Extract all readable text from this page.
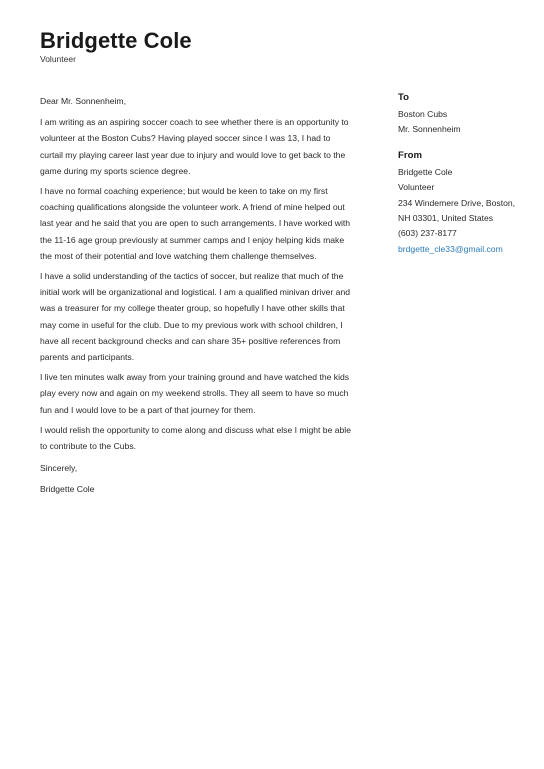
Bridgette Cole
Volunteer

Dear Mr. Sonnenheim,

I am writing as an aspiring soccer coach to see whether there is an opportunity to volunteer at the Boston Cubs? Having played soccer since I was 13, I had to curtail my playing career last year due to injury and would love to get back to the game during my sports science degree.

I have no formal coaching experience; but would be keen to take on my first coaching qualifications alongside the volunteer work. A friend of mine helped out last year and he said that you are open to such arrangements. I have worked with the 11-16 age group previously at summer camps and I enjoy helping kids make the most of their potential and love watching them challenge themselves.

I have a solid understanding of the tactics of soccer, but realize that much of the initial work will be organizational and logistical. I am a qualified minivan driver and was a treasurer for my college theater group, so hopefully I have other skills that may come in useful for the club. Due to my previous work with school children, I have all recent background checks and can share 35+ positive references from parents and participants.

I live ten minutes walk away from your training ground and have watched the kids play every now and again on my weekend strolls. They all seem to have so much fun and I would love to be a part of that journey for them.

I would relish the opportunity to come along and discuss what else I might be able to contribute to the Cubs.

Sincerely,

Bridgette Cole

To
Boston Cubs
Mr. Sonnenheim
From
Bridgette Cole
Volunteer
234 Windemere Drive, Boston, NH 03301, United States
(603) 237-8177
brdgette_cle33@gmail.com
